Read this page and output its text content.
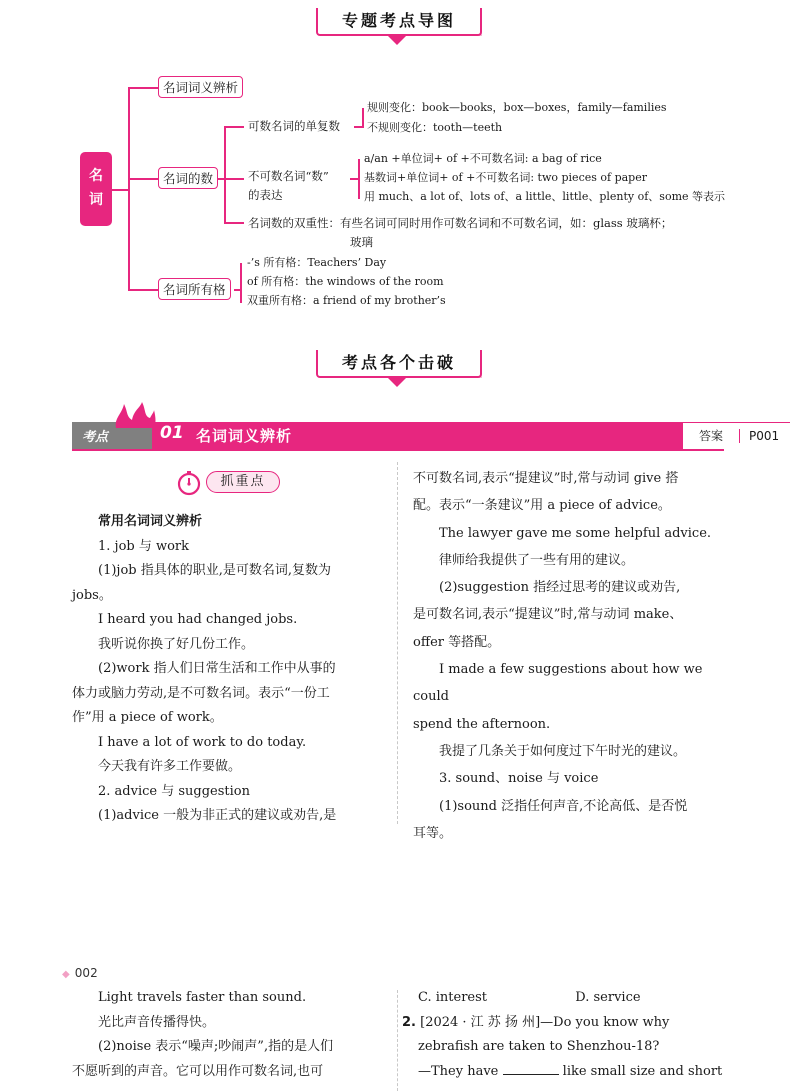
专题考点导图
名
词
名词词义辨析
名词的数
名词所有格
可数名词的单复数
规则变化：book—books，box—boxes，family—families
不规则变化：tooth—teeth
不可数名词“数”
的表达
a/an +单位词+ of +不可数名词: a bag of rice
基数词+单位词+ of +不可数名词: two pieces of paper
用 much、a lot of、lots of、a little、little、plenty of、some 等表示
名词数的双重性：有些名词可同时用作可数名词和不可数名词，如：glass 玻璃杯；
玻璃
-’s 所有格：Teachers’ Day
of 所有格：the windows of the room
双重所有格：a friend of my brother’s
考点各个击破
考点	01 名词词义辨析	答案 P001
抓重点

常用名词词义辨析

1. job 与 work

(1)job 指具体的职业,是可数名词,复数为

jobs。

I heard you had changed jobs.

我听说你换了好几份工作。

(2)work 指人们日常生活和工作中从事的

体力或脑力劳动,是不可数名词。表示“一份工

作”用 a piece of work。

I have a lot of work to do today.

今天我有许多工作要做。

2. advice 与 suggestion

(1)advice 一般为非正式的建议或劝告,是

不可数名词,表示“提建议”时,常与动词 give 搭

配。表示“一条建议”用 a piece of advice。

The lawyer gave me some helpful advice.

律师给我提供了一些有用的建议。

(2)suggestion 指经过思考的建议或劝告,

是可数名词,表示“提建议”时,常与动词 make、

offer 等搭配。

I made a few suggestions about how we could

spend the afternoon.

我提了几条关于如何度过下午时光的建议。

3. sound、noise 与 voice

(1)sound 泛指任何声音,不论高低、是否悦

耳等。

◆ 002

Light travels faster than sound.

光比声音传播得快。

(2)noise 表示“噪声;吵闹声”,指的是人们

不愿听到的声音。它可以用作可数名词,也可

C. interest	D. service

2. [2024 · 江 苏 扬 州]—Do you know why

zebrafish are taken to Shenzhou-18?

—They have	like small size and short
